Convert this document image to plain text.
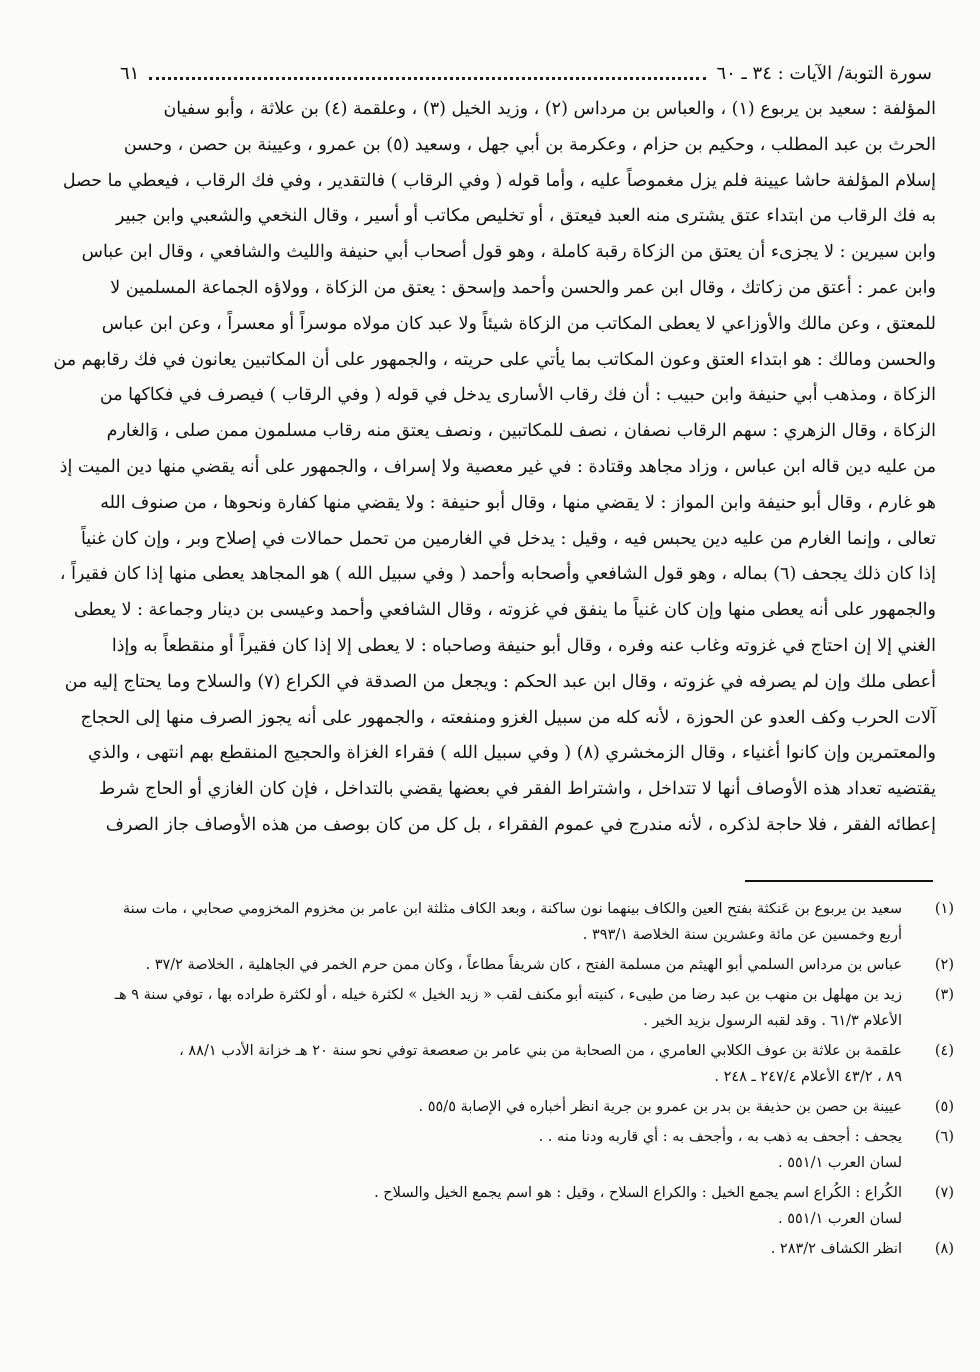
سورة التوبة/ الآيات : ٣٤ ـ ٦٠
٦١
المؤلفة : سعيد بن يربوع (١) ، والعباس بن مرداس (٢) ، وزيد الخيل (٣) ، وعلقمة (٤) بن علاثة ، وأبو سفيان
الحرث بن عبد المطلب ، وحكيم بن حزام ، وعكرمة بن أبي جهل ، وسعيد (٥) بن عمرو ، وعيينة بن حصن ، وحسن
إسلام المؤلفة حاشا عيينة فلم يزل مغموصاً عليه ، وأما قوله ( وفي الرقاب ) فالتقدير ، وفي فك الرقاب ، فيعطي ما حصل
به فك الرقاب من ابتداء عتق يشترى منه العبد فيعتق ، أو تخليص مكاتب أو أسير ، وقال النخعي والشعبي وابن جبير
وابن سيرين : لا يجزىء أن يعتق من الزكاة رقبة كاملة ، وهو قول أصحاب أبي حنيفة والليث والشافعي ، وقال ابن عباس
وابن عمر : أعتق من زكاتك ، وقال ابن عمر والحسن وأحمد وإسحق : يعتق من الزكاة ، وولاؤه الجماعة المسلمين لا
للمعتق ، وعن مالك والأوزاعي لا يعطى المكاتب من الزكاة شيئاً ولا عبد كان مولاه موسراً أو معسراً ، وعن ابن عباس
والحسن ومالك : هو ابتداء العتق وعون المكاتب بما يأتي على حريته ، والجمهور على أن المكاتبين يعانون في فك رقابهم من
الزكاة ، ومذهب أبي حنيفة وابن حبيب : أن فك رقاب الأسارى يدخل في قوله ( وفي الرقاب ) فيصرف في فكاكها من
الزكاة ، وقال الزهري : سهم الرقاب نصفان ، نصف للمكاتبين ، ونصف يعتق منه رقاب مسلمون ممن صلى ، وَالغارم
من عليه دين قاله ابن عباس ، وزاد مجاهد وقتادة : في غير معصية ولا إسراف ، والجمهور على أنه يقضي منها دين الميت إذ
هو غارم ، وقال أبو حنيفة وابن المواز : لا يقضي منها ، وقال أبو حنيفة : ولا يقضي منها كفارة ونحوها ، من صنوف الله
تعالى ، وإنما الغارم من عليه دين يحبس فيه ، وقيل : يدخل في الغارمين من تحمل حمالات في إصلاح وبر ، وإن كان غنياً
إذا كان ذلك يجحف (٦) بماله ، وهو قول الشافعي وأصحابه وأحمد ( وفي سبيل الله ) هو المجاهد يعطى منها إذا كان فقيراً ،
والجمهور على أنه يعطى منها وإن كان غنياً ما ينفق في غزوته ، وقال الشافعي وأحمد وعيسى بن دينار وجماعة : لا يعطى
الغني إلا إن احتاج في غزوته وغاب عنه وفره ، وقال أبو حنيفة وصاحباه : لا يعطى إلا إذا كان فقيراً أو منقطعاً به وإذا
أعطى ملك وإن لم يصرفه في غزوته ، وقال ابن عبد الحكم : ويجعل من الصدقة في الكراع (٧) والسلاح وما يحتاج إليه من
آلات الحرب وكف العدو عن الحوزة ، لأنه كله من سبيل الغزو ومنفعته ، والجمهور على أنه يجوز الصرف منها إلى الحجاج
والمعتمرين وإن كانوا أغنياء ، وقال الزمخشري (٨) ( وفي سبيل الله ) فقراء الغزاة والحجيج المنقطع بهم انتهى ، والذي
يقتضيه تعداد هذه الأوصاف أنها لا تتداخل ، واشتراط الفقر في بعضها يقضي بالتداخل ، فإن كان الغازي أو الحاج شرط
إعطائه الفقر ، فلا حاجة لذكره ، لأنه مندرج في عموم الفقراء ، بل كل من كان بوصف من هذه الأوصاف جاز الصرف
(١)
سعيد بن يربوع بن عَنكثة بفتح العين والكاف بينهما نون ساكنة ، وبعد الكاف مثلثة ابن عامر بن مخزوم المخزومي صحابي ، مات سنة
أربع وخمسين عن مائة وعشرين سنة الخلاصة ٣٩٣/١ .
(٢)
عباس بن مرداس السلمي أبو الهيثم من مسلمة الفتح ، كان شريفاً مطاعاً ، وكان ممن حرم الخمر في الجاهلية ، الخلاصة ٣٧/٢ .
(٣)
زيد بن مهلهل بن منهب بن عبد رضا من طيىء ، كنيته أبو مكنف لقب « زيد الخيل » لكثرة خيله ، أو لكثرة طراده بها ، توفي سنة ٩ هـ
الأعلام ٦١/٣ . وقد لقبه الرسول بزيد الخير .
(٤)
علقمة بن علاثة بن عوف الكلابي العامري ، من الصحابة من بني عامر بن صعصعة توفي نحو سنة ٢٠ هـ خزانة الأدب ٨٨/١ ،
٨٩ ، ٤٣/٢ الأعلام ٢٤٧/٤ ـ ٢٤٨ .
(٥)
عيينة بن حصن بن حذيفة بن بدر بن عمرو بن جرية انظر أخباره في الإصابة ٥٥/٥ .
(٦)
يجحف : أجحف به ذهب به ، وأجحف به : أي قاربه ودنا منه . .
لسان العرب ٥٥١/١ .
(٧)
الكُراع : الكُراع اسم يجمع الخيل : والكراع السلاح ، وقيل : هو اسم يجمع الخيل والسلاح .
لسان العرب ٥٥١/١ .
(٨)
انظر الكشاف ٢٨٣/٢ .
